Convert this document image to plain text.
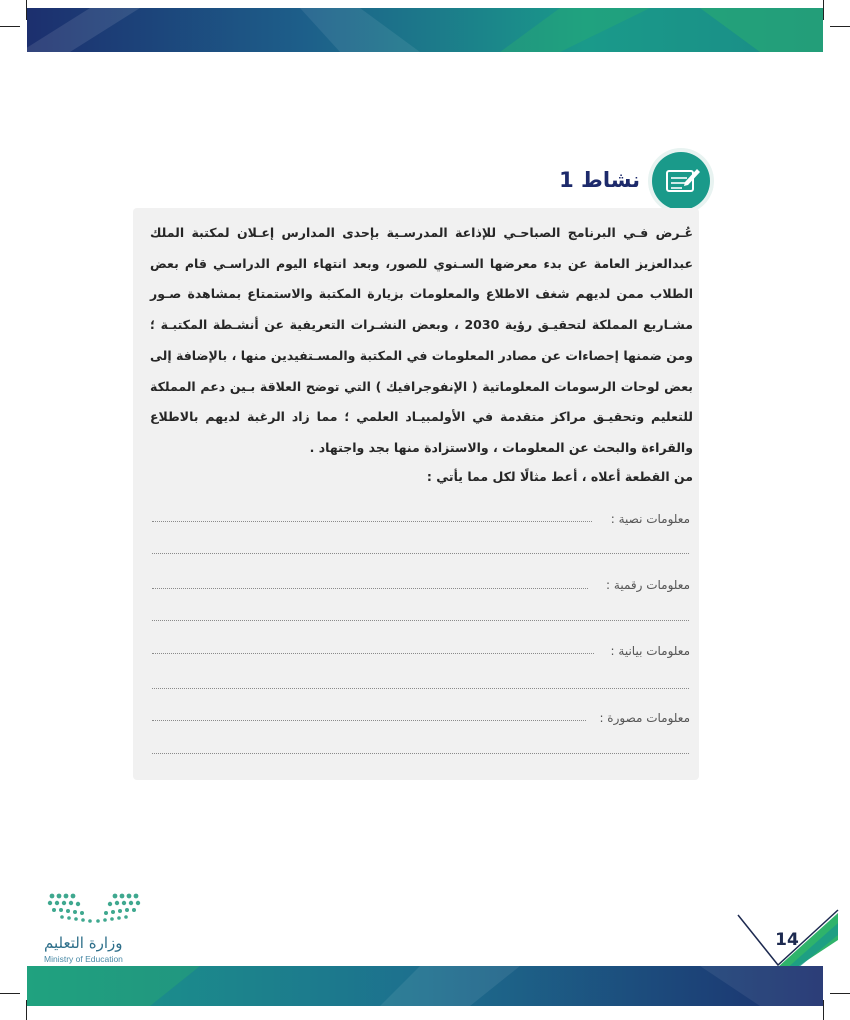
نشاط 1

عُـرض فـي البرنامج الصباحـي للإذاعة المدرسـية بإحدى المدارس إعـلان لمكتبة الملك عبدالعزيز العامة عن بدء معرضها السـنوي للصور، وبعد انتهاء اليوم الدراسـي قام بعض الطلاب ممن لديهم شغف الاطلاع والمعلومات بزيارة المكتبة والاستمتاع بمشاهدة صـور مشـاريع المملكة لتحقيـق رؤية 2030 ، وبعض النشـرات التعريفية عن أنشـطة المكتبـة ؛ ومن ضمنها إحصاءات عن مصادر المعلومات في المكتبة والمسـتفيدين منها ، بالإضافة إلى بعض لوحات الرسومات المعلوماتية ( الإنفوجرافيك ) التي توضح العلاقة بـين دعم المملكة للتعليم وتحقيـق مراكز متقدمة في الأولمبيـاد العلمي ؛ مما زاد الرغبة لديهم بالاطلاع والقراءة والبحث عن المعلومات ، والاستزادة منها بجد واجتهاد .

من القطعة أعلاه ، أعط مثالًا لكل مما يأتي :
معلومات نصية :
معلومات رقمية :
معلومات بيانية :
معلومات مصورة :
وزارة التعليم
Ministry of Education
14
